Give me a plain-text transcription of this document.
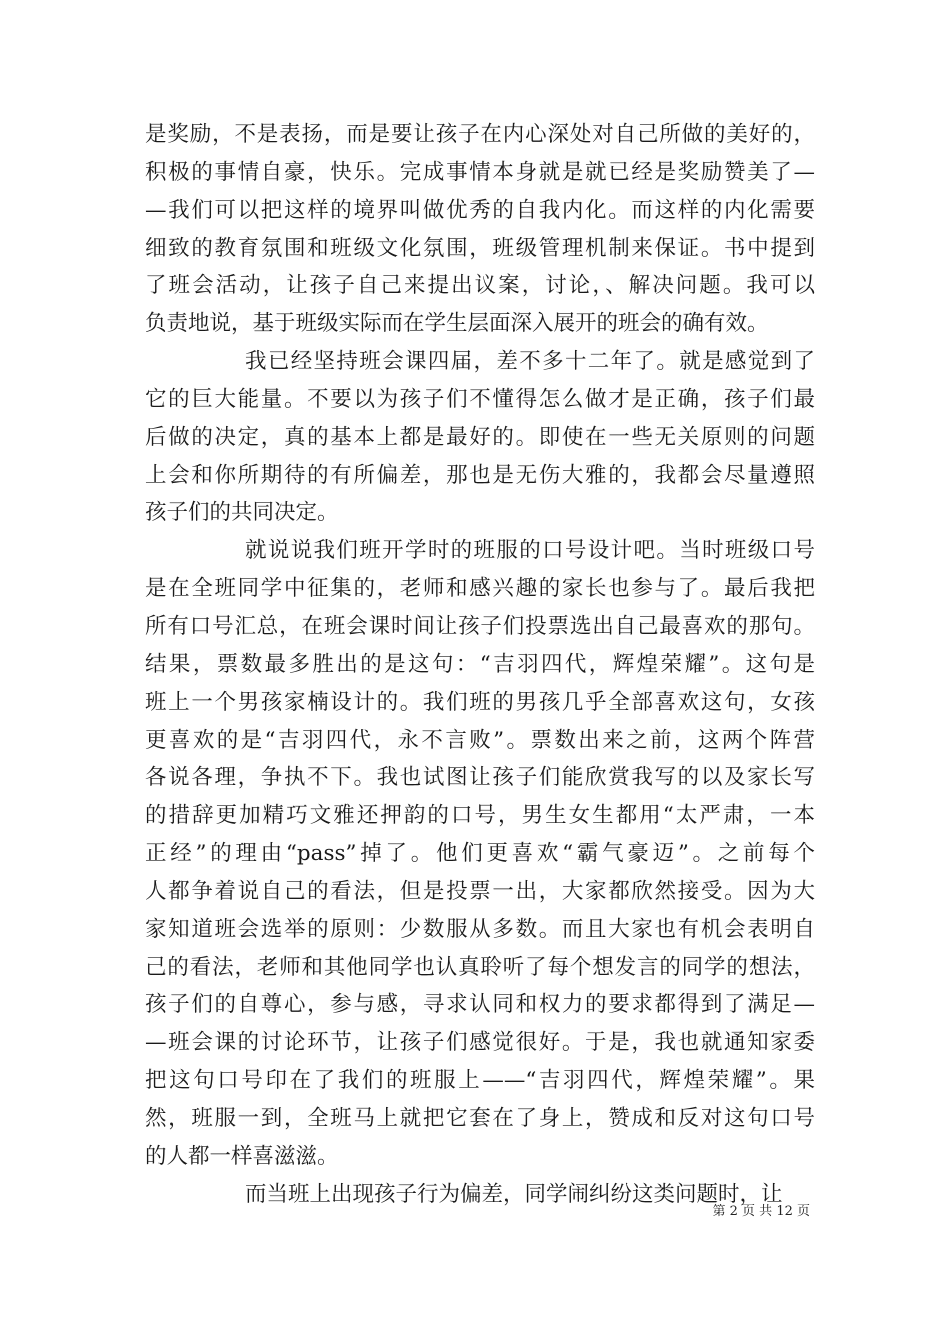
是奖励，不是表扬，而是要让孩子在内心深处对自己所做的美好的，
积极的事情自豪，快乐。完成事情本身就是就已经是奖励赞美了—
—我们可以把这样的境界叫做优秀的自我内化。而这样的内化需要
细致的教育氛围和班级文化氛围，班级管理机制来保证。书中提到
了班会活动，让孩子自己来提出议案，讨论，、解决问题。我可以
负责地说，基于班级实际而在学生层面深入展开的班会的确有效。
我已经坚持班会课四届，差不多十二年了。就是感觉到了
它的巨大能量。不要以为孩子们不懂得怎么做才是正确，孩子们最
后做的决定，真的基本上都是最好的。即使在一些无关原则的问题
上会和你所期待的有所偏差，那也是无伤大雅的，我都会尽量遵照
孩子们的共同决定。
就说说我们班开学时的班服的口号设计吧。当时班级口号
是在全班同学中征集的，老师和感兴趣的家长也参与了。最后我把
所有口号汇总，在班会课时间让孩子们投票选出自己最喜欢的那句。
结果，票数最多胜出的是这句：“吉羽四代，辉煌荣耀”。这句是
班上一个男孩家楠设计的。我们班的男孩几乎全部喜欢这句，女孩
更喜欢的是“吉羽四代，永不言败”。票数出来之前，这两个阵营
各说各理，争执不下。我也试图让孩子们能欣赏我写的以及家长写
的措辞更加精巧文雅还押韵的口号，男生女生都用“太严肃，一本
正经”的理由“pass”掉了。他们更喜欢“霸气豪迈”。之前每个
人都争着说自己的看法，但是投票一出，大家都欣然接受。因为大
家知道班会选举的原则：少数服从多数。而且大家也有机会表明自
己的看法，老师和其他同学也认真聆听了每个想发言的同学的想法，
孩子们的自尊心，参与感，寻求认同和权力的要求都得到了满足—
—班会课的讨论环节，让孩子们感觉很好。于是，我也就通知家委
把这句口号印在了我们的班服上——“吉羽四代，辉煌荣耀”。果
然，班服一到，全班马上就把它套在了身上，赞成和反对这句口号
的人都一样喜滋滋。
而当班上出现孩子行为偏差，同学闹纠纷这类问题时，让
第 2 页 共 12 页
